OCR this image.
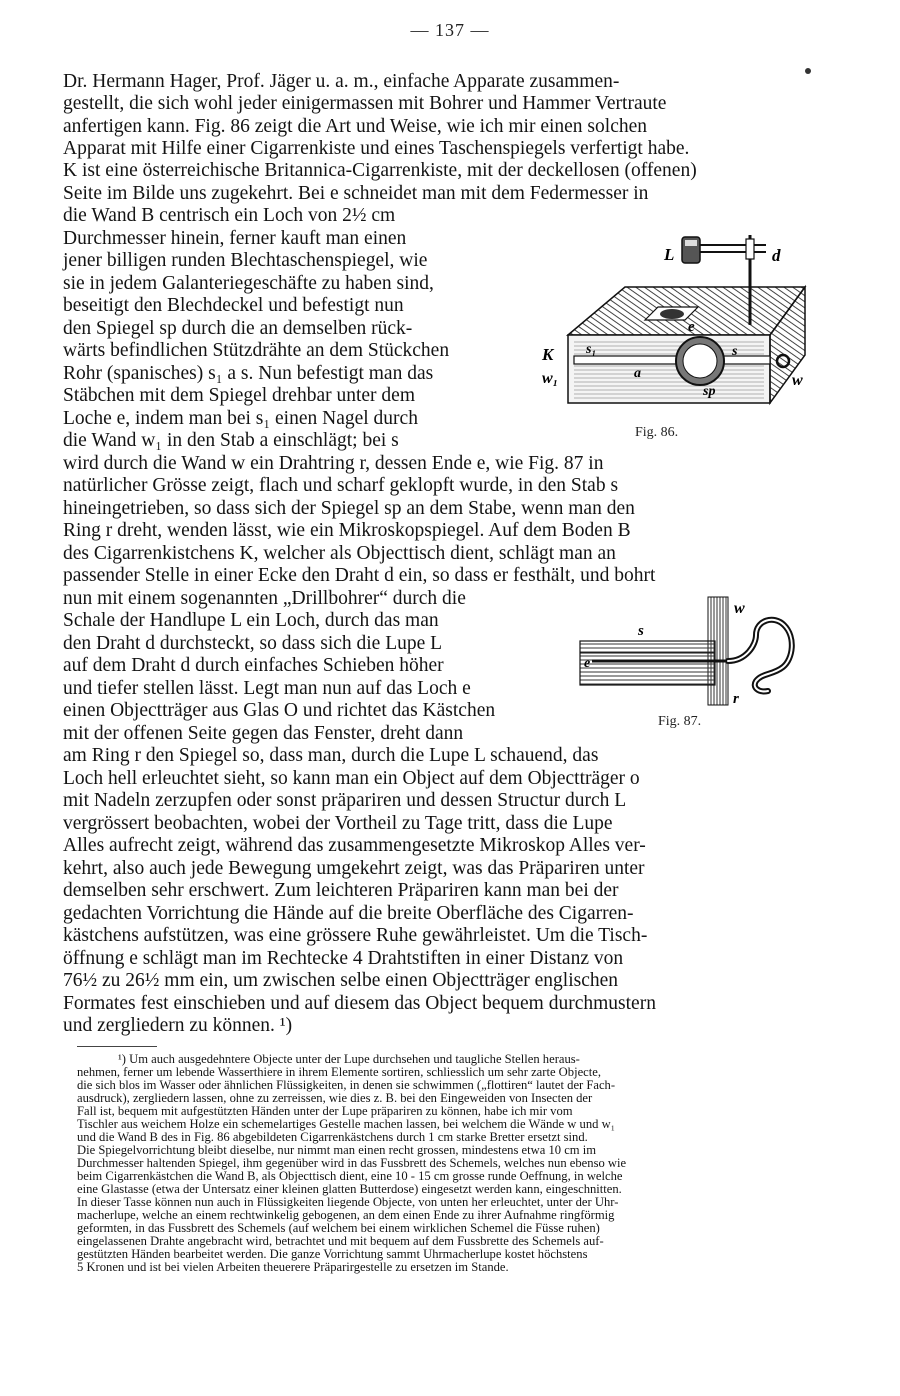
— 137 —
Dr. Hermann Hager, Prof. Jäger u. a. m., einfache Apparate zusammen-
gestellt, die sich wohl jeder einigermassen mit Bohrer und Hammer Vertraute
anfertigen kann. Fig. 86 zeigt die Art und Weise, wie ich mir einen solchen
Apparat mit Hilfe einer Cigarrenkiste und eines Taschenspiegels verfertigt habe.
K ist eine österreichische Britannica-Cigarrenkiste, mit der deckellosen (offenen)
Seite im Bilde uns zugekehrt. Bei e schneidet man mit dem Federmesser in
die Wand B centrisch ein Loch von 2½ cm
Durchmesser hinein, ferner kauft man einen
jener billigen runden Blechtaschenspiegel, wie
sie in jedem Galanteriegeschäfte zu haben sind,
beseitigt den Blechdeckel und befestigt nun
den Spiegel sp durch die an demselben rück-
wärts befindlichen Stützdrähte an dem Stückchen
Rohr (spanisches) s₁ a s. Nun befestigt man das
Stäbchen mit dem Spiegel drehbar unter dem
Loche e, indem man bei s₁ einen Nagel durch
die Wand w₁ in den Stab a einschlägt; bei s
L	d
K
w₁	w
e
s₁	s
a
sp
Fig. 86.
wird durch die Wand w ein Drahtring r, dessen Ende e, wie Fig. 87 in
natürlicher Grösse zeigt, flach und scharf geklopft wurde, in den Stab s
hineingetrieben, so dass sich der Spiegel sp an dem Stabe, wenn man den
Ring r dreht, wenden lässt, wie ein Mikroskopspiegel. Auf dem Boden B
des Cigarrenkistchens K, welcher als Objecttisch dient, schlägt man an
passender Stelle in einer Ecke den Draht d ein, so dass er festhält, und bohrt
nun mit einem sogenannten „Drillbohrer“ durch die
Schale der Handlupe L ein Loch, durch das man
den Draht d durchsteckt, so dass sich die Lupe L
auf dem Draht d durch einfaches Schieben höher
und tiefer stellen lässt. Legt man nun auf das Loch e
einen Objectträger aus Glas O und richtet das Kästchen
mit der offenen Seite gegen das Fenster, dreht dann
w
s
e
r
Fig. 87.
am Ring r den Spiegel so, dass man, durch die Lupe L schauend, das
Loch hell erleuchtet sieht, so kann man ein Object auf dem Objectträger o
mit Nadeln zerzupfen oder sonst präpariren und dessen Structur durch L
vergrössert beobachten, wobei der Vortheil zu Tage tritt, dass die Lupe
Alles aufrecht zeigt, während das zusammengesetzte Mikroskop Alles ver-
kehrt, also auch jede Bewegung umgekehrt zeigt, was das Präpariren unter
demselben sehr erschwert. Zum leichteren Präpariren kann man bei der
gedachten Vorrichtung die Hände auf die breite Oberfläche des Cigarren-
kästchens aufstützen, was eine grössere Ruhe gewährleistet. Um die Tisch-
öffnung e schlägt man im Rechtecke 4 Drahtstiften in einer Distanz von
76½ zu 26½ mm ein, um zwischen selbe einen Objectträger englischen
Formates fest einschieben und auf diesem das Object bequem durchmustern
und zergliedern zu können. ¹)
¹) Um auch ausgedehntere Objecte unter der Lupe durchsehen und taugliche Stellen heraus-
nehmen, ferner um lebende Wasserthiere in ihrem Elemente sortiren, schliesslich um sehr zarte Objecte,
die sich blos im Wasser oder ähnlichen Flüssigkeiten, in denen sie schwimmen („flottiren“ lautet der Fach-
ausdruck), zergliedern lassen, ohne zu zerreissen, wie dies z. B. bei den Eingeweiden von Insecten der
Fall ist, bequem mit aufgestützten Händen unter der Lupe präpariren zu können, habe ich mir vom
Tischler aus weichem Holze ein schemelartiges Gestelle machen lassen, bei welchem die Wände w und w₁
und die Wand B des in Fig. 86 abgebildeten Cigarrenkästchens durch 1 cm starke Bretter ersetzt sind.
Die Spiegelvorrichtung bleibt dieselbe, nur nimmt man einen recht grossen, mindestens etwa 10 cm im
Durchmesser haltenden Spiegel, ihm gegenüber wird in das Fussbrett des Schemels, welches nun ebenso wie
beim Cigarrenkästchen die Wand B, als Objecttisch dient, eine 10 - 15 cm grosse runde Oeffnung, in welche
eine Glastasse (etwa der Untersatz einer kleinen glatten Butterdose) eingesetzt werden kann, eingeschnitten.
In dieser Tasse können nun auch in Flüssigkeiten liegende Objecte, von unten her erleuchtet, unter der Uhr-
macherlupe, welche an einem rechtwinkelig gebogenen, an dem einen Ende zu ihrer Aufnahme ringförmig
geformten, in das Fussbrett des Schemels (auf welchem bei einem wirklichen Schemel die Füsse ruhen)
eingelassenen Drahte angebracht wird, betrachtet und mit bequem auf dem Fussbrette des Schemels auf-
gestützten Händen bearbeitet werden. Die ganze Vorrichtung sammt Uhrmacherlupe kostet höchstens
5 Kronen und ist bei vielen Arbeiten theuerere Präparirgestelle zu ersetzen im Stande.
